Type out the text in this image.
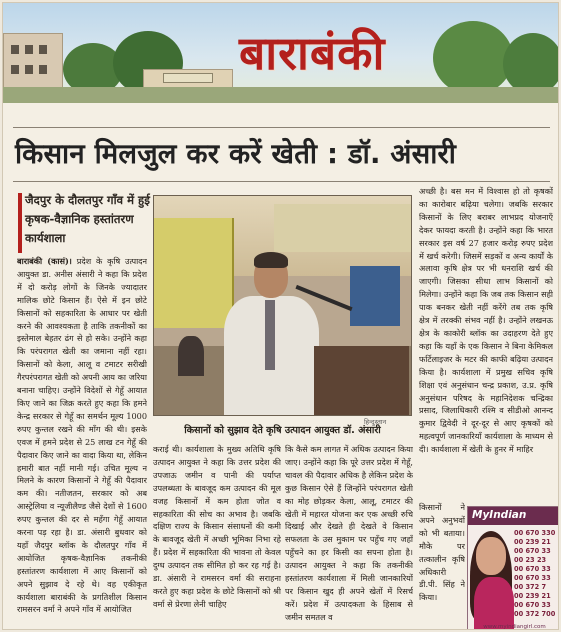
बाराबंकी
किसान मिलजुल कर करें खेती : डॉ. अंसारी
जैदपुर के दौलतपुर गाँव में हुई कृषक-वैज्ञानिक हस्तांतरण कार्यशाला
बाराबंकी (कासं)। प्रदेश के कृषि उत्पादन आयुक्त डा. अनीस अंसारी ने कहा कि प्रदेश में दो करोड़ लोगों के जिनके ज्यादातर मालिक छोटे किसान हैं। ऐसे में इन छोटे किसानों को सहकारिता के आधार पर खेती करने की आवश्यकता है ताकि तकनीकों का इस्तेमाल बेहतर ढंग से हो सके। उन्होंने कहा कि परंपरागत खेती का जमाना नहीं रहा। किसानों को केला, आलू व टमाटर सरीखी गैरपरंपरागत खेती को अपनी आय का जरिया बनाना चाहिए। उन्होंने विदेशों से गेहूँ आयात किए जाने का जिक्र करते हुए कहा कि हमने केन्द्र सरकार से गेहूँ का समर्थन मूल्य 1000 रुपए कुन्तल रखने की माँग की थी। इसके एवज में हमने प्रदेश से 25 लाख टन गेहूँ की पैदावार किए जाने का वादा किया था, लेकिन हमारी बात नहीं मानी गई। उचित मूल्य न मिलने के कारण किसानों ने गेहूँ की पैदावार कम की। नतीजतन, सरकार को अब आस्ट्रेलिया व न्यूजीलैण्ड जैसे देशों से 1600 रुपए कुन्तल की दर से महँगा गेहूँ आयात करना पड़ रहा है। डा. अंसारी बुधवार को यहाँ जैदपुर ब्लॉक के दौलतपुर गाँव में आयोजित कृषक-वैज्ञानिक तकनीकी हस्तांतरण कार्यशाला में आए किसानों को अपने सुझाव दे रहे थे। वह एकीकृत कार्यशाला बाराबंकी के प्रगतिशील किसान रामसरन वर्मा ने अपने गाँव में आयोजित
हिन्दुस्तान
किसानों को सुझाव देते कृषि उत्पादन आयुक्त डॉ. अंसारी
कराई थी। कार्यशाला के मुख्य अतिथि कृषि उत्पादन आयुक्त ने कहा कि उत्तर प्रदेश की उपजाऊ जमीन व पानी की पर्याप्त उपलब्धता के बावजूद कम उत्पादन की मूल वजह किसानों में कम होता जोत व सहकारिता की सोच का अभाव है। जबकि दक्षिण राज्य के किसान संसाधनों की कमी के बावजूद खेती में अच्छी भूमिका निभा रहे हैं। प्रदेश में सहकारिता की भावना तो केवल दुग्ध उत्पादन तक सीमित हो कर रह गई है। डा. अंसारी ने रामसरन वर्मा की सराहना करते हुए कहा प्रदेश के छोटे किसानों को श्री वर्मा से प्रेरणा लेनी चाहिए
कि कैसे कम लागत में अधिक उत्पादन किया जाए। उन्होंने कहा कि पूरे उत्तर प्रदेश में गेहूँ, चावल की पैदावार अधिक है लेकिन प्रदेश के कुछ किसान ऐसे हैं जिन्होंने परंपरागत खेती का मोह छोड़कर केला, आलू, टमाटर की खेती में महारत योजना कर एक अच्छी रुचि दिखाई और देखते ही देखते वे किसान सफलता के उस मुकाम पर पहुँच गए जहाँ पहुँचने का हर किसी का सपना होता है। उत्पादन आयुक्त ने कहा कि तकनीकी हस्तांतरण कार्यशाला में मिली जानकारियों पर किसान खुद ही अपने खेतों में रिसर्च करें। प्रदेश में उत्पादकता के हिसाब से जमीन समतल व
अच्छी है। बस मन में विश्वास हो तो कृषकों का कारोबार बढ़िया चलेगा। जबकि सरकार किसानों के लिए बराबर लाभप्रद योजनाएँ देकर फायदा करती है। उन्होंने कहा कि भारत सरकार इस वर्ष 27 हजार करोड़ रुपए प्रदेश में खर्च करेगी। जिसमें सड़कों व अन्य कार्यों के अलावा कृषि क्षेत्र पर भी धनराशि खर्च की जाएगी। जिसका सीधा लाभ किसानों को मिलेगा। उन्होंने कहा कि जब तक किसान सही पाक बनकर खेती नहीं करेंगे तब तक कृषि क्षेत्र में तरक्की संभव नहीं है। उन्होंने लखनऊ क्षेत्र के काकोरी ब्लॉक का उदाहरण देते हुए कहा कि यहाँ के एक किसान ने बिना केमिकल फर्टिलाइजर के मटर की काफी बढ़िया उत्पादन किया है। कार्यशाला में प्रमुख सचिव कृषि शिक्षा एवं अनुसंधान चन्द्र प्रकाश, उ.प्र. कृषि अनुसंधान परिषद के महानिदेशक चन्द्रिका प्रसाद, जिलाधिकारी रश्मि व सीडीओ आनन्द कुमार द्विवेदी ने दूर-दूर से आए कृषकों को महत्वपूर्ण जानकारियाँ कार्यशाला के माध्यम से दी। कार्यशाला में खेती के हुनर में माहिर
किसानों ने अपने अनुभवों को भी बताया। मौके पर तत्कालीन कृषि अधिकारी डी.पी. सिंह ने किया।
MyIndian
00 670 330
00 239 21
00 670 33
00 23 23
00 670 33
00 670 33
00 372 7
00 239 21
00 670 33
00 372 700
www.myindiangirl.com
